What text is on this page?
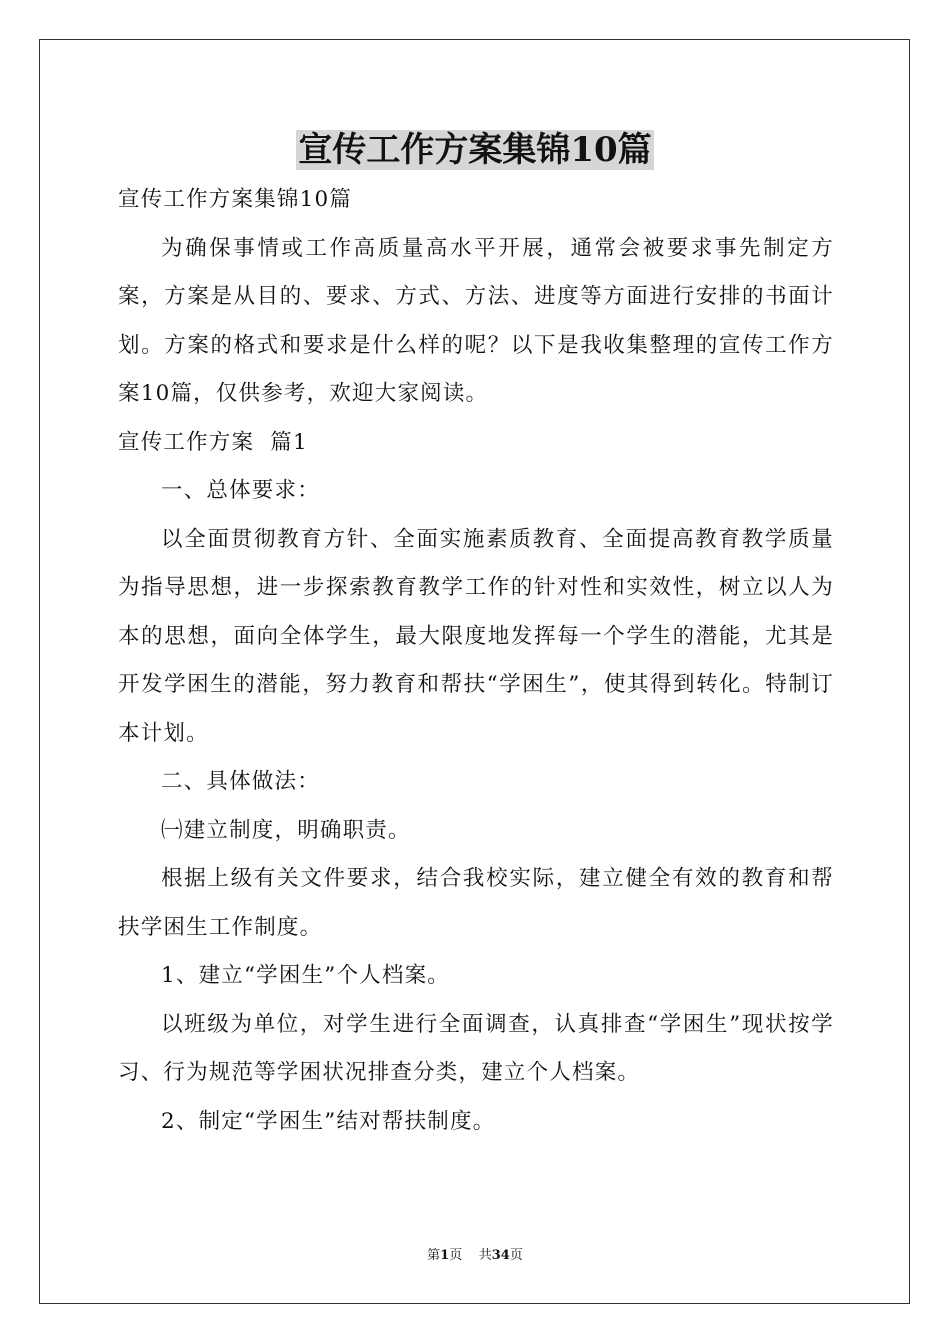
宣传工作方案集锦10篇

宣传工作方案集锦10篇

为确保事情或工作高质量高水平开展，通常会被要求事先制定方案，方案是从目的、要求、方式、方法、进度等方面进行安排的书面计划。方案的格式和要求是什么样的呢？以下是我收集整理的宣传工作方案10篇，仅供参考，欢迎大家阅读。

宣传工作方案  篇1

一、总体要求：

以全面贯彻教育方针、全面实施素质教育、全面提高教育教学质量为指导思想，进一步探索教育教学工作的针对性和实效性，树立以人为本的思想，面向全体学生，最大限度地发挥每一个学生的潜能，尤其是开发学困生的潜能，努力教育和帮扶“学困生”，使其得到转化。特制订本计划。

二、具体做法：

㈠建立制度，明确职责。

根据上级有关文件要求，结合我校实际，建立健全有效的教育和帮扶学困生工作制度。

1、建立“学困生”个人档案。

以班级为单位，对学生进行全面调查，认真排查“学困生”现状按学习、行为规范等学困状况排查分类，建立个人档案。

2、制定“学困生”结对帮扶制度。

第1页 共34页
